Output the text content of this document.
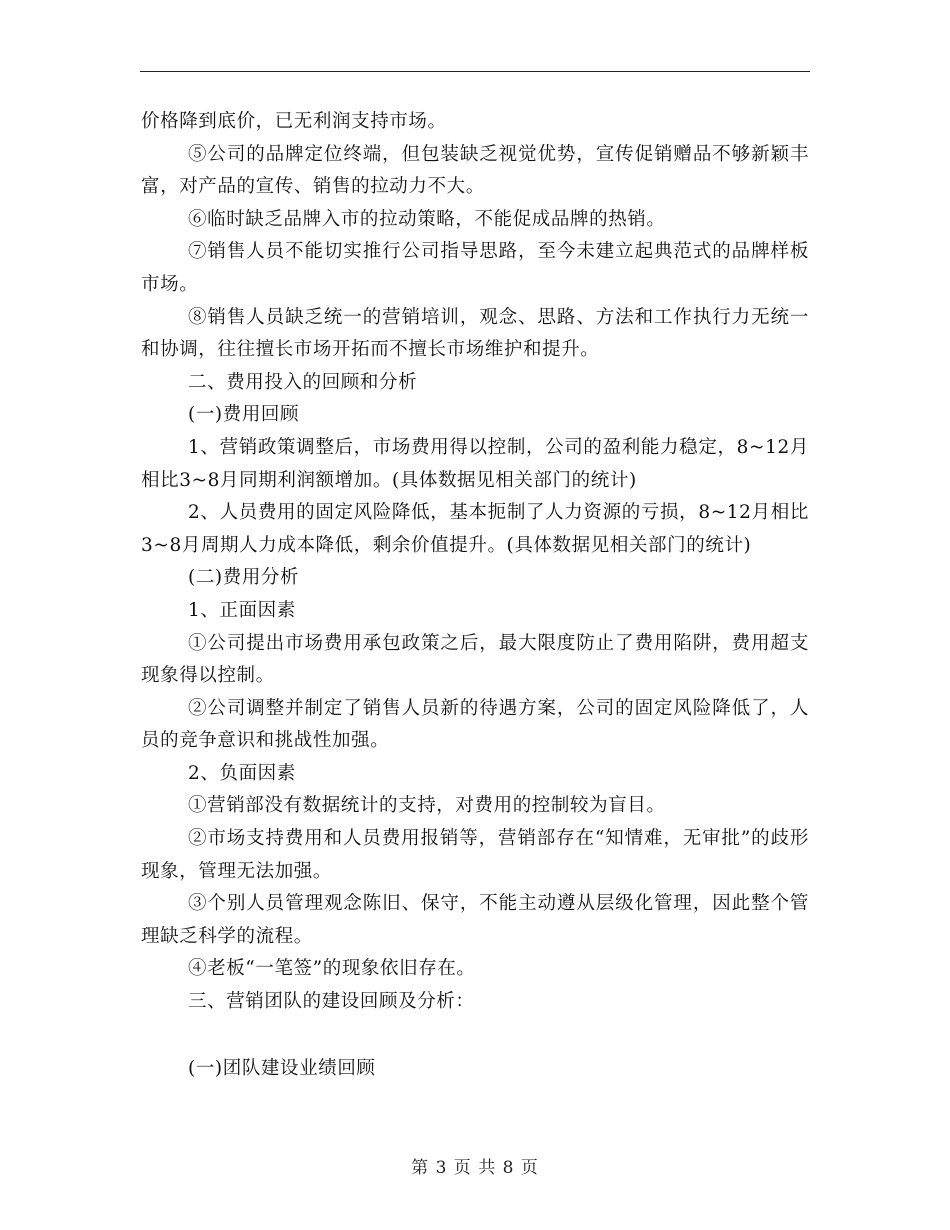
价格降到底价，已无利润支持市场。

⑤公司的品牌定位终端，但包装缺乏视觉优势，宣传促销赠品不够新颖丰富，对产品的宣传、销售的拉动力不大。

⑥临时缺乏品牌入市的拉动策略，不能促成品牌的热销。

⑦销售人员不能切实推行公司指导思路，至今未建立起典范式的品牌样板市场。

⑧销售人员缺乏统一的营销培训，观念、思路、方法和工作执行力无统一和协调，往往擅长市场开拓而不擅长市场维护和提升。

二、费用投入的回顾和分析

(一)费用回顾

1、营销政策调整后，市场费用得以控制，公司的盈利能力稳定，8~12月相比3~8月同期利润额增加。(具体数据见相关部门的统计)

2、人员费用的固定风险降低，基本扼制了人力资源的亏损，8~12月相比3~8月周期人力成本降低，剩余价值提升。(具体数据见相关部门的统计)

(二)费用分析

1、正面因素

①公司提出市场费用承包政策之后，最大限度防止了费用陷阱，费用超支现象得以控制。

②公司调整并制定了销售人员新的待遇方案，公司的固定风险降低了，人员的竞争意识和挑战性加强。

2、负面因素

①营销部没有数据统计的支持，对费用的控制较为盲目。

②市场支持费用和人员费用报销等，营销部存在“知情难，无审批”的歧形现象，管理无法加强。

③个别人员管理观念陈旧、保守，不能主动遵从层级化管理，因此整个管理缺乏科学的流程。

④老板“一笔签”的现象依旧存在。

三、营销团队的建设回顾及分析：

(一)团队建设业绩回顾

第 3 页 共 8 页
